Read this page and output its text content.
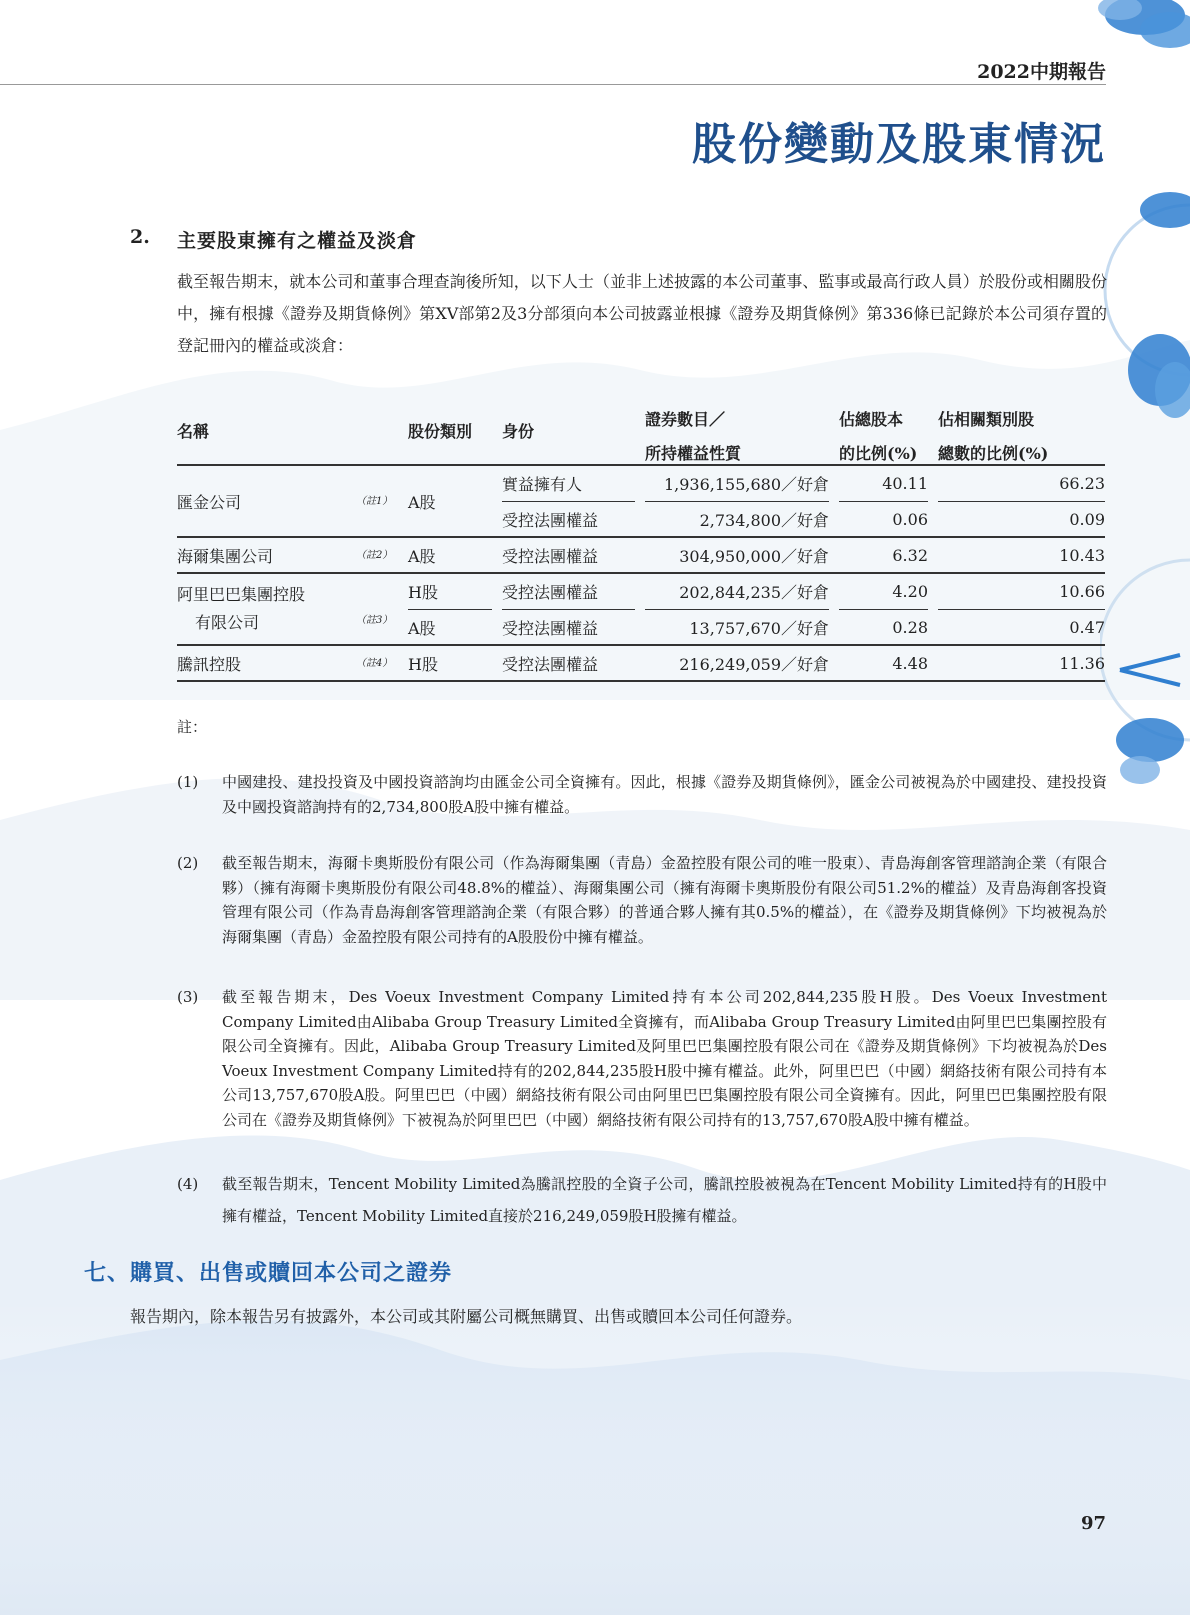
2022中期報告
股份變動及股東情況
2. 主要股東擁有之權益及淡倉
截至報告期末，就本公司和董事合理查詢後所知，以下人士（並非上述披露的本公司董事、監事或最高行政人員）於股份或相關股份中，擁有根據《證券及期貨條例》第XV部第2及3分部須向本公司披露並根據《證券及期貨條例》第336條已記錄於本公司須存置的登記冊內的權益或淡倉：
名稱		股份類別		身份		證券數目／		佔總股本		佔相關類別股
						所持權益性質		的比例(%)		總數的比例(%)
匯金公司 （註1）		A股		實益擁有人		1,936,155,680／好倉		40.11		66.23
				受控法團權益		2,734,800／好倉		0.06		0.09
海爾集團公司 （註2）		A股		受控法團權益		304,950,000／好倉		6.32		10.43

阿里巴巴集團控股
有限公司 （註3）		H股		受控法團權益		202,844,235／好倉		4.20		10.66
		A股		受控法團權益		13,757,670／好倉		0.28		0.47
騰訊控股 （註4）		H股		受控法團權益		216,249,059／好倉		4.48		11.36
註：
(1) 中國建投、建投投資及中國投資諮詢均由匯金公司全資擁有。因此，根據《證券及期貨條例》，匯金公司被視為於中國建投、建投投資及中國投資諮詢持有的2,734,800股A股中擁有權益。
(2) 截至報告期末，海爾卡奧斯股份有限公司（作為海爾集團（青島）金盈控股有限公司的唯一股東）、青島海創客管理諮詢企業（有限合夥）（擁有海爾卡奧斯股份有限公司48.8%的權益）、海爾集團公司（擁有海爾卡奧斯股份有限公司51.2%的權益）及青島海創客投資管理有限公司（作為青島海創客管理諮詢企業（有限合夥）的普通合夥人擁有其0.5%的權益），在《證券及期貨條例》下均被視為於海爾集團（青島）金盈控股有限公司持有的A股股份中擁有權益。
(3) 截至報告期末，Des Voeux Investment Company Limited持有本公司202,844,235股H股。Des Voeux Investment Company Limited由Alibaba Group Treasury Limited全資擁有，而Alibaba Group Treasury Limited由阿里巴巴集團控股有限公司全資擁有。因此，Alibaba Group Treasury Limited及阿里巴巴集團控股有限公司在《證券及期貨條例》下均被視為於Des Voeux Investment Company Limited持有的202,844,235股H股中擁有權益。此外，阿里巴巴（中國）網絡技術有限公司持有本公司13,757,670股A股。阿里巴巴（中國）網絡技術有限公司由阿里巴巴集團控股有限公司全資擁有。因此，阿里巴巴集團控股有限公司在《證券及期貨條例》下被視為於阿里巴巴（中國）網絡技術有限公司持有的13,757,670股A股中擁有權益。
(4) 截至報告期末，Tencent Mobility Limited為騰訊控股的全資子公司，騰訊控股被視為在Tencent Mobility Limited持有的H股中擁有權益，Tencent Mobility Limited直接於216,249,059股H股擁有權益。
七、購買、出售或贖回本公司之證券
報告期內，除本報告另有披露外，本公司或其附屬公司概無購買、出售或贖回本公司任何證券。
97
